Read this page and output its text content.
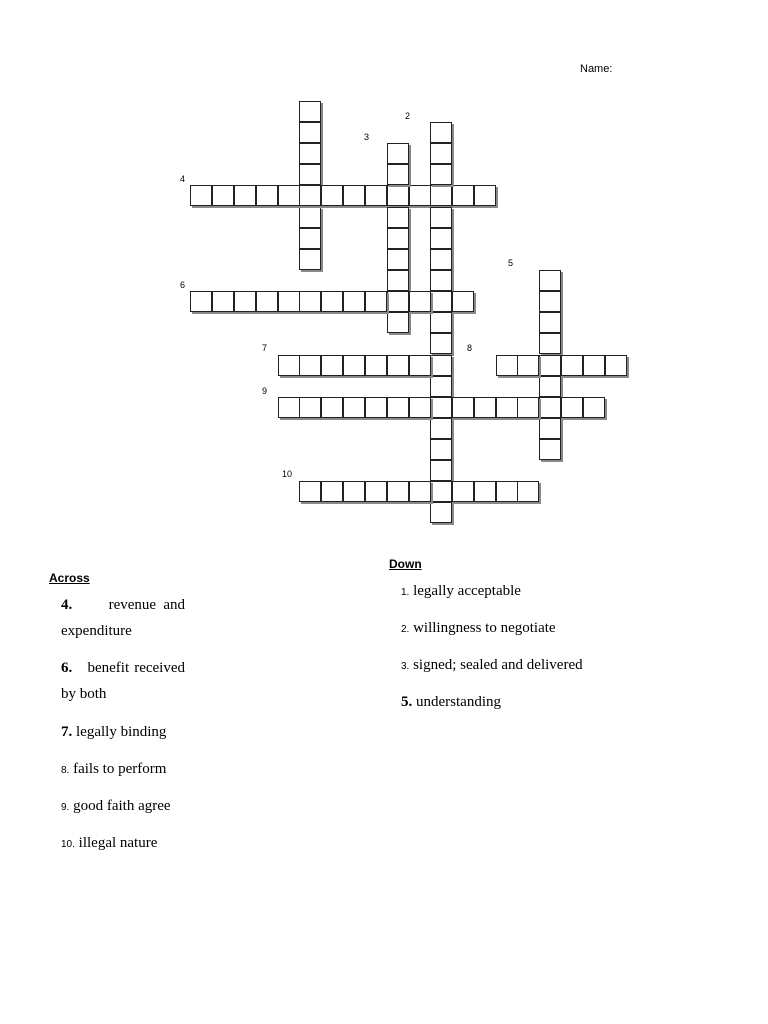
Name:
2
3
4
5
6
7	8
9
10
Across
4. revenue and expenditure
6. benefit received by both
7. legally binding
8. fails to perform
9. good faith agree
10. illegal nature
Down
1. legally acceptable
2. willingness to negotiate
3. signed; sealed and delivered
5. understanding
